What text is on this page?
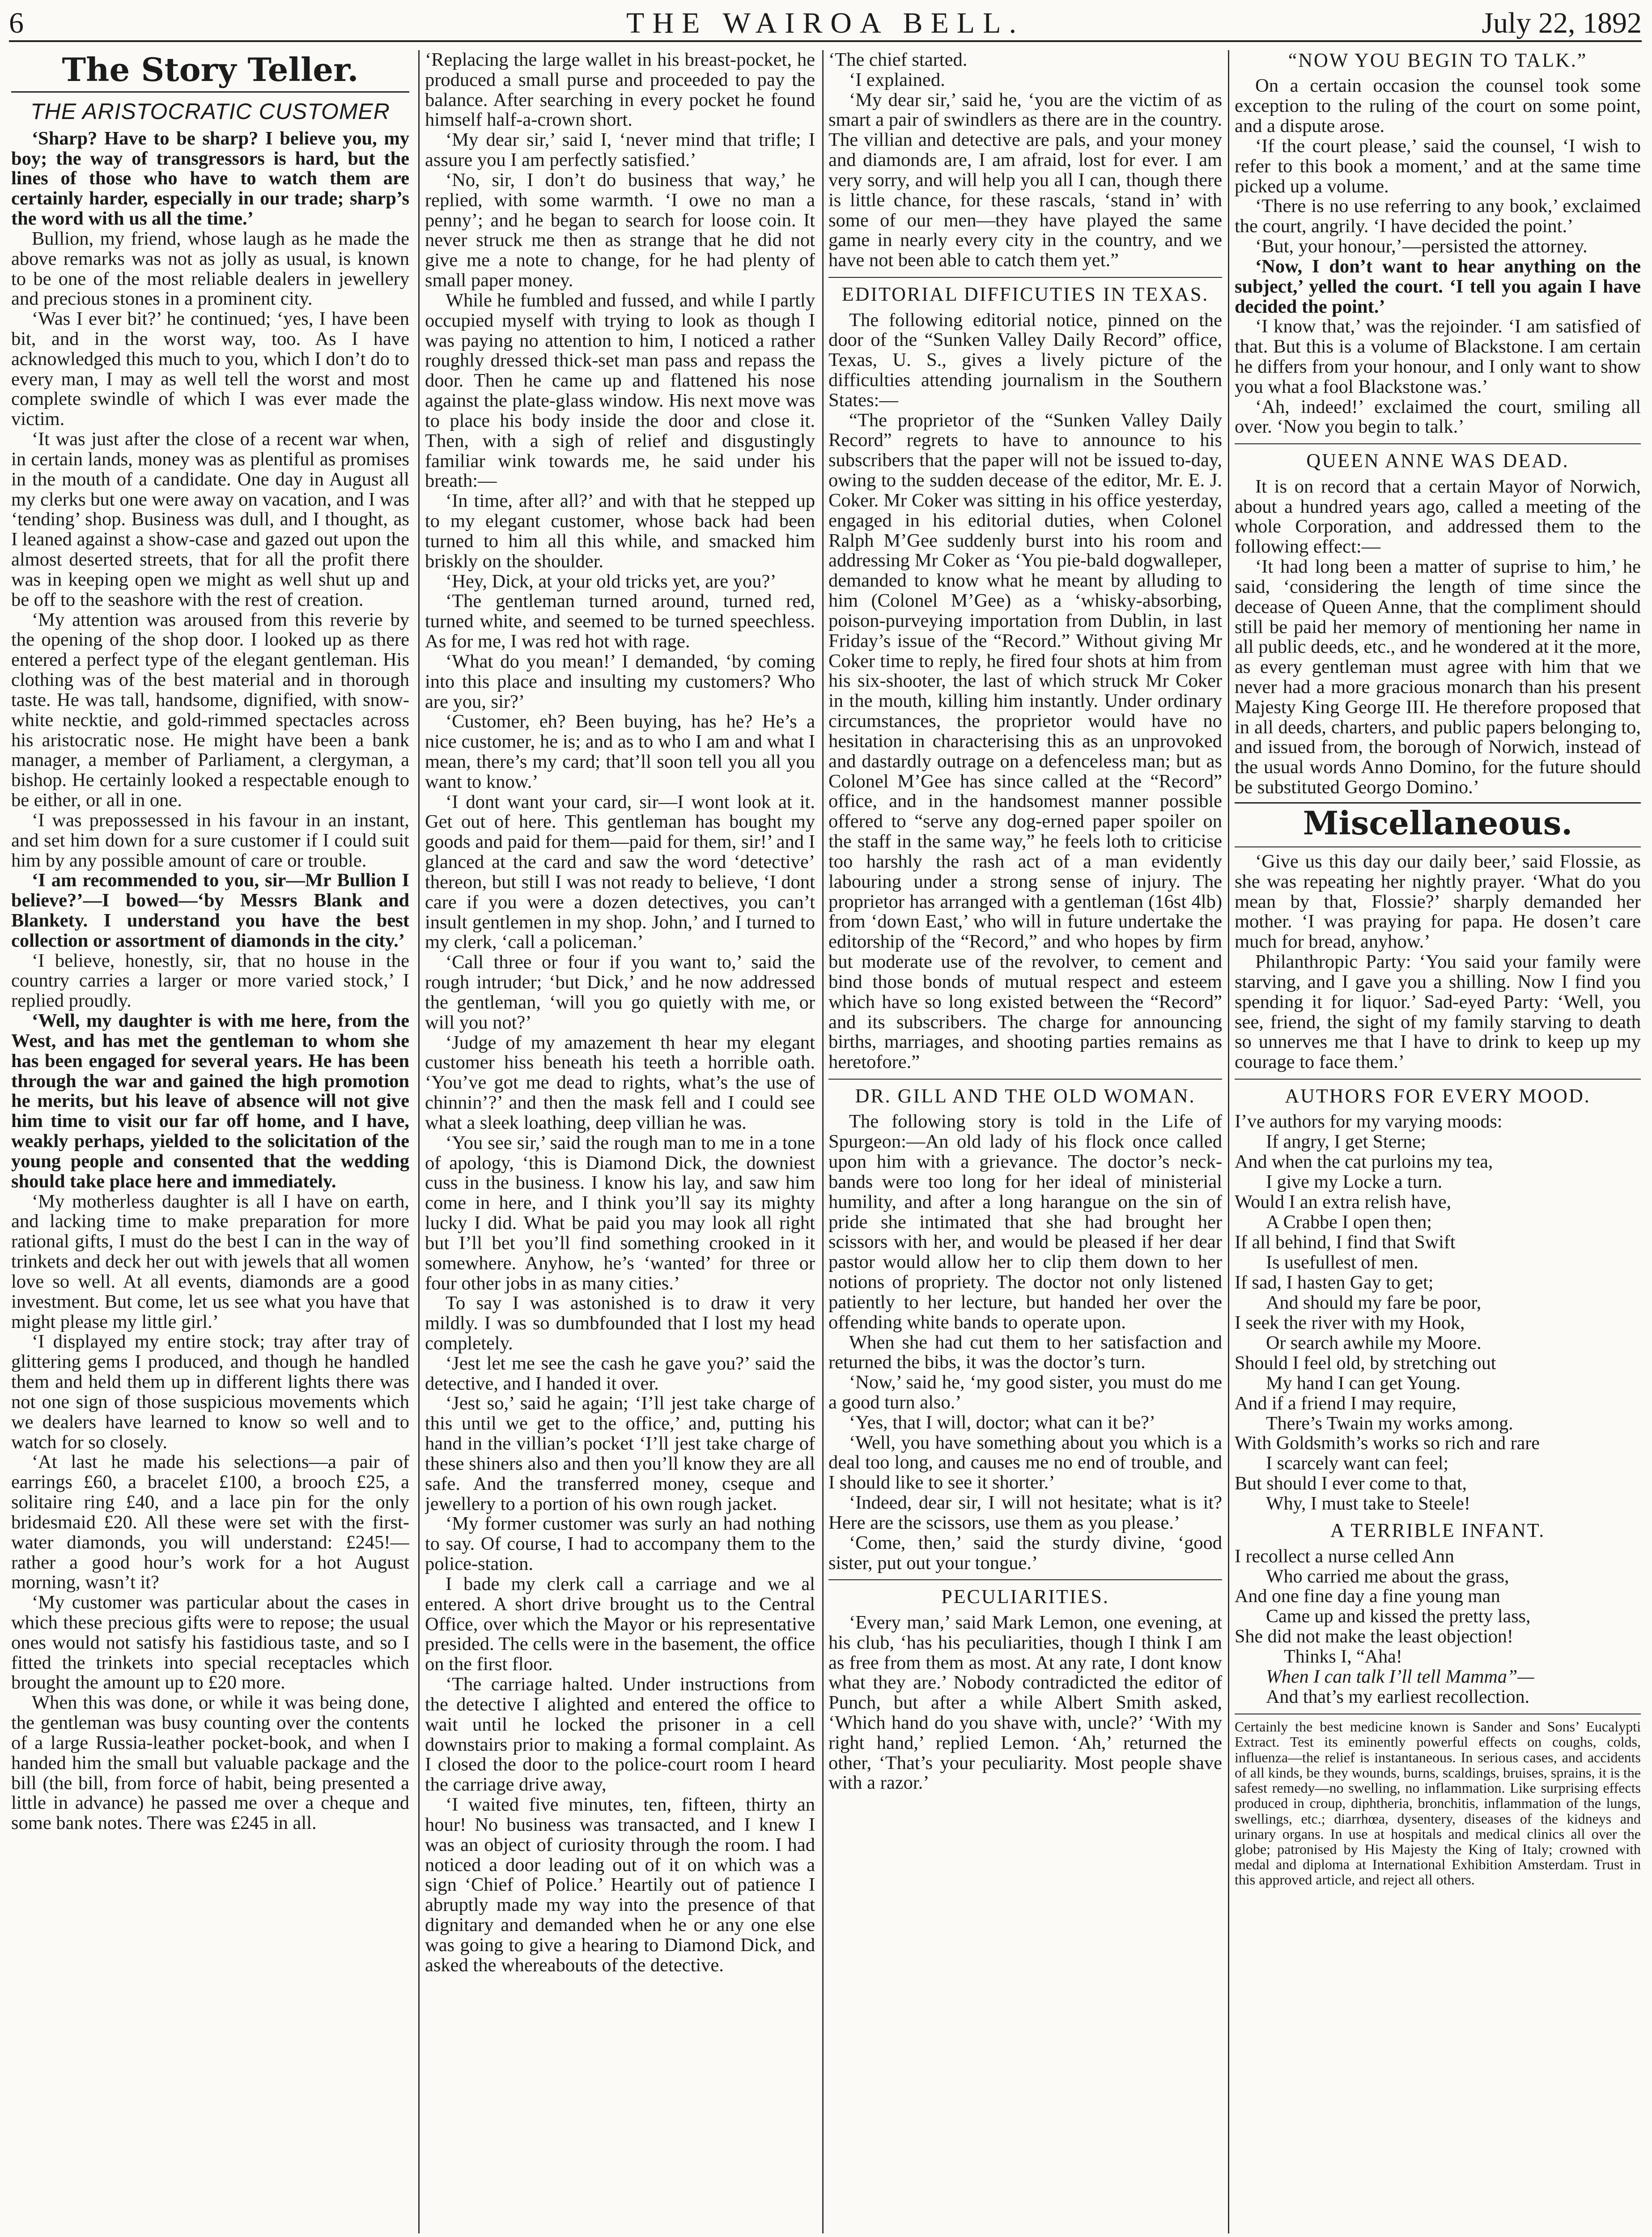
THE WAIROA BELL.
6	July 22, 1892
The Story Teller.
THE ARISTOCRATIC CUSTOMER

‘Sharp? Have to be sharp? I believe you, my boy; the way of transgressors is hard, but the lines of those who have to watch them are certainly harder, especially in our trade; sharp’s the word with us all the time.’

Bullion, my friend, whose laugh as he made the above remarks was not as jolly as usual, is known to be one of the most reliable dealers in jewellery and precious stones in a prominent city.

‘Was I ever bit?’ he continued; ‘yes, I have been bit, and in the worst way, too. As I have acknowledged this much to you, which I don’t do to every man, I may as well tell the worst and most complete swindle of which I was ever made the victim.

‘It was just after the close of a recent war when, in certain lands, money was as plentiful as promises in the mouth of a candidate. One day in August all my clerks but one were away on vacation, and I was ‘tending’ shop. Business was dull, and I thought, as I leaned against a show-case and gazed out upon the almost deserted streets, that for all the profit there was in keeping open we might as well shut up and be off to the seashore with the rest of creation.

‘My attention was aroused from this reverie by the opening of the shop door. I looked up as there entered a perfect type of the elegant gentleman. His clothing was of the best material and in thorough taste. He was tall, handsome, dignified, with snow-white necktie, and gold-rimmed spectacles across his aristocratic nose. He might have been a bank manager, a member of Parliament, a clergyman, a bishop. He certainly looked a respectable enough to be either, or all in one.

‘I was prepossessed in his favour in an instant, and set him down for a sure customer if I could suit him by any possible amount of care or trouble.

‘I am recommended to you, sir—Mr Bullion I believe?’—I bowed—‘by Messrs Blank and Blankety. I understand you have the best collection or assortment of diamonds in the city.’

‘I believe, honestly, sir, that no house in the country carries a larger or more varied stock,’ I replied proudly.

‘Well, my daughter is with me here, from the West, and has met the gentleman to whom she has been engaged for several years. He has been through the war and gained the high promotion he merits, but his leave of absence will not give him time to visit our far off home, and I have, weakly perhaps, yielded to the solicitation of the young people and consented that the wedding should take place here and immediately.

‘My motherless daughter is all I have on earth, and lacking time to make preparation for more rational gifts, I must do the best I can in the way of trinkets and deck her out with jewels that all women love so well. At all events, diamonds are a good investment. But come, let us see what you have that might please my little girl.’

‘I displayed my entire stock; tray after tray of glittering gems I produced, and though he handled them and held them up in different lights there was not one sign of those suspicious movements which we dealers have learned to know so well and to watch for so closely.

‘At last he made his selections—a pair of earrings £60, a bracelet £100, a brooch £25, a solitaire ring £40, and a lace pin for the only bridesmaid £20. All these were set with the first-water diamonds, you will understand: £245!—rather a good hour’s work for a hot August morning, wasn’t it?

‘My customer was particular about the cases in which these precious gifts were to repose; the usual ones would not satisfy his fastidious taste, and so I fitted the trinkets into special receptacles which brought the amount up to £20 more.

When this was done, or while it was being done, the gentleman was busy counting over the contents of a large Russia-leather pocket-book, and when I handed him the small but valuable package and the bill (the bill, from force of habit, being presented a little in advance) he passed me over a cheque and some bank notes. There was £245 in all.

‘Replacing the large wallet in his breast-pocket, he produced a small purse and proceeded to pay the balance. After searching in every pocket he found himself half-a-crown short.

‘My dear sir,’ said I, ‘never mind that trifle; I assure you I am perfectly satisfied.’

‘No, sir, I don’t do business that way,’ he replied, with some warmth. ‘I owe no man a penny’; and he began to search for loose coin. It never struck me then as strange that he did not give me a note to change, for he had plenty of small paper money.

While he fumbled and fussed, and while I partly occupied myself with trying to look as though I was paying no attention to him, I noticed a rather roughly dressed thick-set man pass and repass the door. Then he came up and flattened his nose against the plate-glass window. His next move was to place his body inside the door and close it. Then, with a sigh of relief and disgustingly familiar wink towards me, he said under his breath:—

‘In time, after all?’ and with that he stepped up to my elegant customer, whose back had been turned to him all this while, and smacked him briskly on the shoulder.

‘Hey, Dick, at your old tricks yet, are you?’

‘The gentleman turned around, turned red, turned white, and seemed to be turned speechless. As for me, I was red hot with rage.

‘What do you mean!’ I demanded, ‘by coming into this place and insulting my customers? Who are you, sir?’

‘Customer, eh? Been buying, has he? He’s a nice customer, he is; and as to who I am and what I mean, there’s my card; that’ll soon tell you all you want to know.’

‘I dont want your card, sir—I wont look at it. Get out of here. This gentleman has bought my goods and paid for them—paid for them, sir!’ and I glanced at the card and saw the word ‘detective’ thereon, but still I was not ready to believe, ‘I dont care if you were a dozen detectives, you can’t insult gentlemen in my shop. John,’ and I turned to my clerk, ‘call a policeman.’

‘Call three or four if you want to,’ said the rough intruder; ‘but Dick,’ and he now addressed the gentleman, ‘will you go quietly with me, or will you not?’

‘Judge of my amazement th hear my elegant customer hiss beneath his teeth a horrible oath. ‘You’ve got me dead to rights, what’s the use of chinnin’?’ and then the mask fell and I could see what a sleek loathing, deep villian he was.

‘You see sir,’ said the rough man to me in a tone of apology, ‘this is Diamond Dick, the downiest cuss in the business. I know his lay, and saw him come in here, and I think you’ll say its mighty lucky I did. What be paid you may look all right but I’ll bet you’ll find something crooked in it somewhere. Anyhow, he’s ‘wanted’ for three or four other jobs in as many cities.’

To say I was astonished is to draw it very mildly. I was so dumbfounded that I lost my head completely.

‘Jest let me see the cash he gave you?’ said the detective, and I handed it over.

‘Jest so,’ said he again; ‘I’ll jest take charge of this until we get to the office,’ and, putting his hand in the villian’s pocket ‘I’ll jest take charge of these shiners also and then you’ll know they are all safe. And the transferred money, cseque and jewellery to a portion of his own rough jacket.

‘My former customer was surly an had nothing to say. Of course, I had to accompany them to the police-station.

I bade my clerk call a carriage and we al entered. A short drive brought us to the Central Office, over which the Mayor or his representative presided. The cells were in the basement, the office on the first floor.

‘The carriage halted. Under instructions from the detective I alighted and entered the office to wait until he locked the prisoner in a cell downstairs prior to making a formal complaint. As I closed the door to the police-court room I heard the carriage drive away,

‘I waited five minutes, ten, fifteen, thirty an hour! No business was transacted, and I knew I was an object of curiosity through the room. I had noticed a door leading out of it on which was a sign ‘Chief of Police.’ Heartily out of patience I abruptly made my way into the presence of that dignitary and demanded when he or any one else was going to give a hearing to Diamond Dick, and asked the whereabouts of the detective.

‘The chief started.

‘I explained.

‘My dear sir,’ said he, ‘you are the victim of as smart a pair of swindlers as there are in the country. The villian and detective are pals, and your money and diamonds are, I am afraid, lost for ever. I am very sorry, and will help you all I can, though there is little chance, for these rascals, ‘stand in’ with some of our men—they have played the same game in nearly every city in the country, and we have not been able to catch them yet.”

EDITORIAL DIFFICUTIES IN TEXAS.

The following editorial notice, pinned on the door of the “Sunken Valley Daily Record” office, Texas, U. S., gives a lively picture of the difficulties attending journalism in the Southern States:—

“The proprietor of the “Sunken Valley Daily Record” regrets to have to announce to his subscribers that the paper will not be issued to-day, owing to the sudden decease of the editor, Mr. E. J. Coker. Mr Coker was sitting in his office yesterday, engaged in his editorial duties, when Colonel Ralph M’Gee suddenly burst into his room and addressing Mr Coker as ‘You pie-bald dogwalleper, demanded to know what he meant by alluding to him (Colonel M’Gee) as a ‘whisky-absorbing, poison-purveying importation from Dublin, in last Friday’s issue of the “Record.” Without giving Mr Coker time to reply, he fired four shots at him from his six-shooter, the last of which struck Mr Coker in the mouth, killing him instantly. Under ordinary circumstances, the proprietor would have no hesitation in characterising this as an unprovoked and dastardly outrage on a defenceless man; but as Colonel M’Gee has since called at the “Record” office, and in the handsomest manner possible offered to “serve any dog-erned paper spoiler on the staff in the same way,” he feels loth to criticise too harshly the rash act of a man evidently labouring under a strong sense of injury. The proprietor has arranged with a gentleman (16st 4lb) from ‘down East,’ who will in future undertake the editorship of the “Record,” and who hopes by firm but moderate use of the revolver, to cement and bind those bonds of mutual respect and esteem which have so long existed between the “Record” and its subscribers. The charge for announcing births, marriages, and shooting parties remains as heretofore.”

DR. GILL AND THE OLD WOMAN.

The following story is told in the Life of Spurgeon:—An old lady of his flock once called upon him with a grievance. The doctor’s neck-bands were too long for her ideal of ministerial humility, and after a long harangue on the sin of pride she intimated that she had brought her scissors with her, and would be pleased if her dear pastor would allow her to clip them down to her notions of propriety. The doctor not only listened patiently to her lecture, but handed her over the offending white bands to operate upon.

When she had cut them to her satisfaction and returned the bibs, it was the doctor’s turn.

‘Now,’ said he, ‘my good sister, you must do me a good turn also.’

‘Yes, that I will, doctor; what can it be?’

‘Well, you have something about you which is a deal too long, and causes me no end of trouble, and I should like to see it shorter.’

‘Indeed, dear sir, I will not hesitate; what is it? Here are the scissors, use them as you please.’

‘Come, then,’ said the sturdy divine, ‘good sister, put out your tongue.’

PECULIARITIES.

‘Every man,’ said Mark Lemon, one evening, at his club, ‘has his peculiarities, though I think I am as free from them as most. At any rate, I dont know what they are.’ Nobody contradicted the editor of Punch, but after a while Albert Smith asked, ‘Which hand do you shave with, uncle?’ ‘With my right hand,’ replied Lemon. ‘Ah,’ returned the other, ‘That’s your peculiarity. Most people shave with a razor.’

“NOW YOU BEGIN TO TALK.”

On a certain occasion the counsel took some exception to the ruling of the court on some point, and a dispute arose.

‘If the court please,’ said the counsel, ‘I wish to refer to this book a moment,’ and at the same time picked up a volume.

‘There is no use referring to any book,’ exclaimed the court, angrily. ‘I have decided the point.’

‘But, your honour,’—persisted the attorney.

‘Now, I don’t want to hear anything on the subject,’ yelled the court. ‘I tell you again I have decided the point.’

‘I know that,’ was the rejoinder. ‘I am satisfied of that. But this is a volume of Blackstone. I am certain he differs from your honour, and I only want to show you what a fool Blackstone was.’

‘Ah, indeed!’ exclaimed the court, smiling all over. ‘Now you begin to talk.’

QUEEN ANNE WAS DEAD.

It is on record that a certain Mayor of Norwich, about a hundred years ago, called a meeting of the whole Corporation, and addressed them to the following effect:—

‘It had long been a matter of suprise to him,’ he said, ‘considering the length of time since the decease of Queen Anne, that the compliment should still be paid her memory of mentioning her name in all public deeds, etc., and he wondered at it the more, as every gentleman must agree with him that we never had a more gracious monarch than his present Majesty King George III. He therefore proposed that in all deeds, charters, and public papers belonging to, and issued from, the borough of Norwich, instead of the usual words Anno Domino, for the future should be substituted Georgo Domino.’

Miscellaneous.

‘Give us this day our daily beer,’ said Flossie, as she was repeating her nightly prayer. ‘What do you mean by that, Flossie?’ sharply demanded her mother. ‘I was praying for papa. He dosen’t care much for bread, anyhow.’

Philanthropic Party: ‘You said your family were starving, and I gave you a shilling. Now I find you spending it for liquor.’ Sad-eyed Party: ‘Well, you see, friend, the sight of my family starving to death so unnerves me that I have to drink to keep up my courage to face them.’

AUTHORS FOR EVERY MOOD.
I’ve authors for my varying moods:
If angry, I get Sterne;
And when the cat purloins my tea,
I give my Locke a turn.
Would I an extra relish have,
A Crabbe I open then;
If all behind, I find that Swift
Is usefullest of men.
If sad, I hasten Gay to get;
And should my fare be poor,
I seek the river with my Hook,
Or search awhile my Moore.
Should I feel old, by stretching out
My hand I can get Young.
And if a friend I may require,
There’s Twain my works among.
With Goldsmith’s works so rich and rare
I scarcely want can feel;
But should I ever come to that,
Why, I must take to Steele!
A TERRIBLE INFANT.
I recollect a nurse celled Ann
Who carried me about the grass,
And one fine day a fine young man
Came up and kissed the pretty lass,
She did not make the least objection!
Thinks I, “Aha!
When I can talk I’ll tell Mamma”—
And that’s my earliest recollection.

Certainly the best medicine known is Sander and Sons’ Eucalypti Extract. Test its eminently powerful effects on coughs, colds, influenza—the relief is instantaneous. In serious cases, and accidents of all kinds, be they wounds, burns, scaldings, bruises, sprains, it is the safest remedy—no swelling, no inflammation. Like surprising effects produced in croup, diphtheria, bronchitis, inflammation of the lungs, swellings, etc.; diarrhœa, dysentery, diseases of the kidneys and urinary organs. In use at hospitals and medical clinics all over the globe; patronised by His Majesty the King of Italy; crowned with medal and diploma at International Exhibition Amsterdam. Trust in this approved article, and reject all others.
